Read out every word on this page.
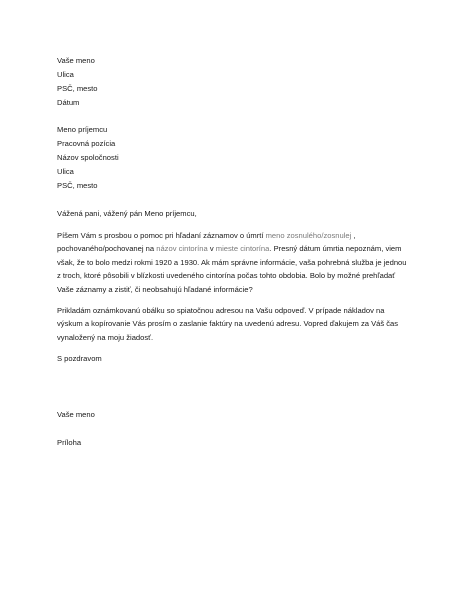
Vaše meno

Ulica

PSČ, mesto

Dátum

Meno príjemcu

Pracovná pozícia

Názov spoločnosti

Ulica

PSČ, mesto

Vážená pani, vážený pán Meno príjemcu,

Píšem Vám s prosbou o pomoc pri hľadaní záznamov o úmrtí meno zosnulého/zosnulej , pochovaného/pochovanej na názov cintorína v mieste cintorína. Presný dátum úmrtia nepoznám, viem však, že to bolo medzi rokmi 1920 a 1930. Ak mám správne informácie, vaša pohrebná služba je jednou z troch, ktoré pôsobili v blízkosti uvedeného cintorína počas tohto obdobia. Bolo by možné prehľadať Vaše záznamy a zistiť, či neobsahujú hľadané informácie?

Prikladám oznámkovanú obálku so spiatočnou adresou na Vašu odpoveď. V prípade nákladov na výskum a kopírovanie Vás prosím o zaslanie faktúry na uvedenú adresu. Vopred ďakujem za Váš čas vynaložený na moju žiadosť.

S pozdravom

Vaše meno

Príloha
